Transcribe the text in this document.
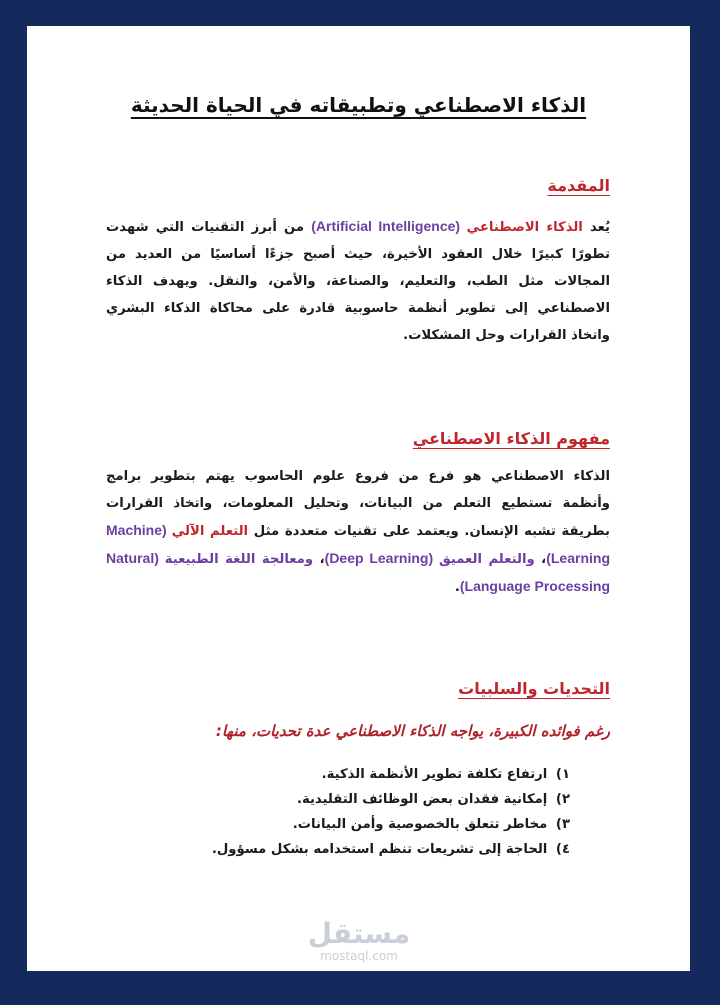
الذكاء الاصطناعي وتطبيقاته في الحياة الحديثة
المقدمة

يُعد الذكاء الاصطناعي (Artificial Intelligence) من أبرز التقنيات التي شهدت تطورًا كبيرًا خلال العقود الأخيرة، حيث أصبح جزءًا أساسيًا من العديد من المجالات مثل الطب، والتعليم، والصناعة، والأمن، والنقل. ويهدف الذكاء الاصطناعي إلى تطوير أنظمة حاسوبية قادرة على محاكاة الذكاء البشري واتخاذ القرارات وحل المشكلات.

مفهوم الذكاء الاصطناعي

الذكاء الاصطناعي هو فرع من فروع علوم الحاسوب يهتم بتطوير برامج وأنظمة تستطيع التعلم من البيانات، وتحليل المعلومات، واتخاذ القرارات بطريقة تشبه الإنسان. ويعتمد على تقنيات متعددة مثل التعلم الآلي (Machine Learning)، والتعلم العميق (Deep Learning)، ومعالجة اللغة الطبيعية (Natural Language Processing).

التحديات والسلبيات

رغم فوائده الكبيرة، يواجه الذكاء الاصطناعي عدة تحديات، منها:

١) ارتفاع تكلفة تطوير الأنظمة الذكية.
٢) إمكانية فقدان بعض الوظائف التقليدية.
٣) مخاطر تتعلق بالخصوصية وأمن البيانات.
٤) الحاجة إلى تشريعات تنظم استخدامه بشكل مسؤول.
مستقل
mostaql.com
